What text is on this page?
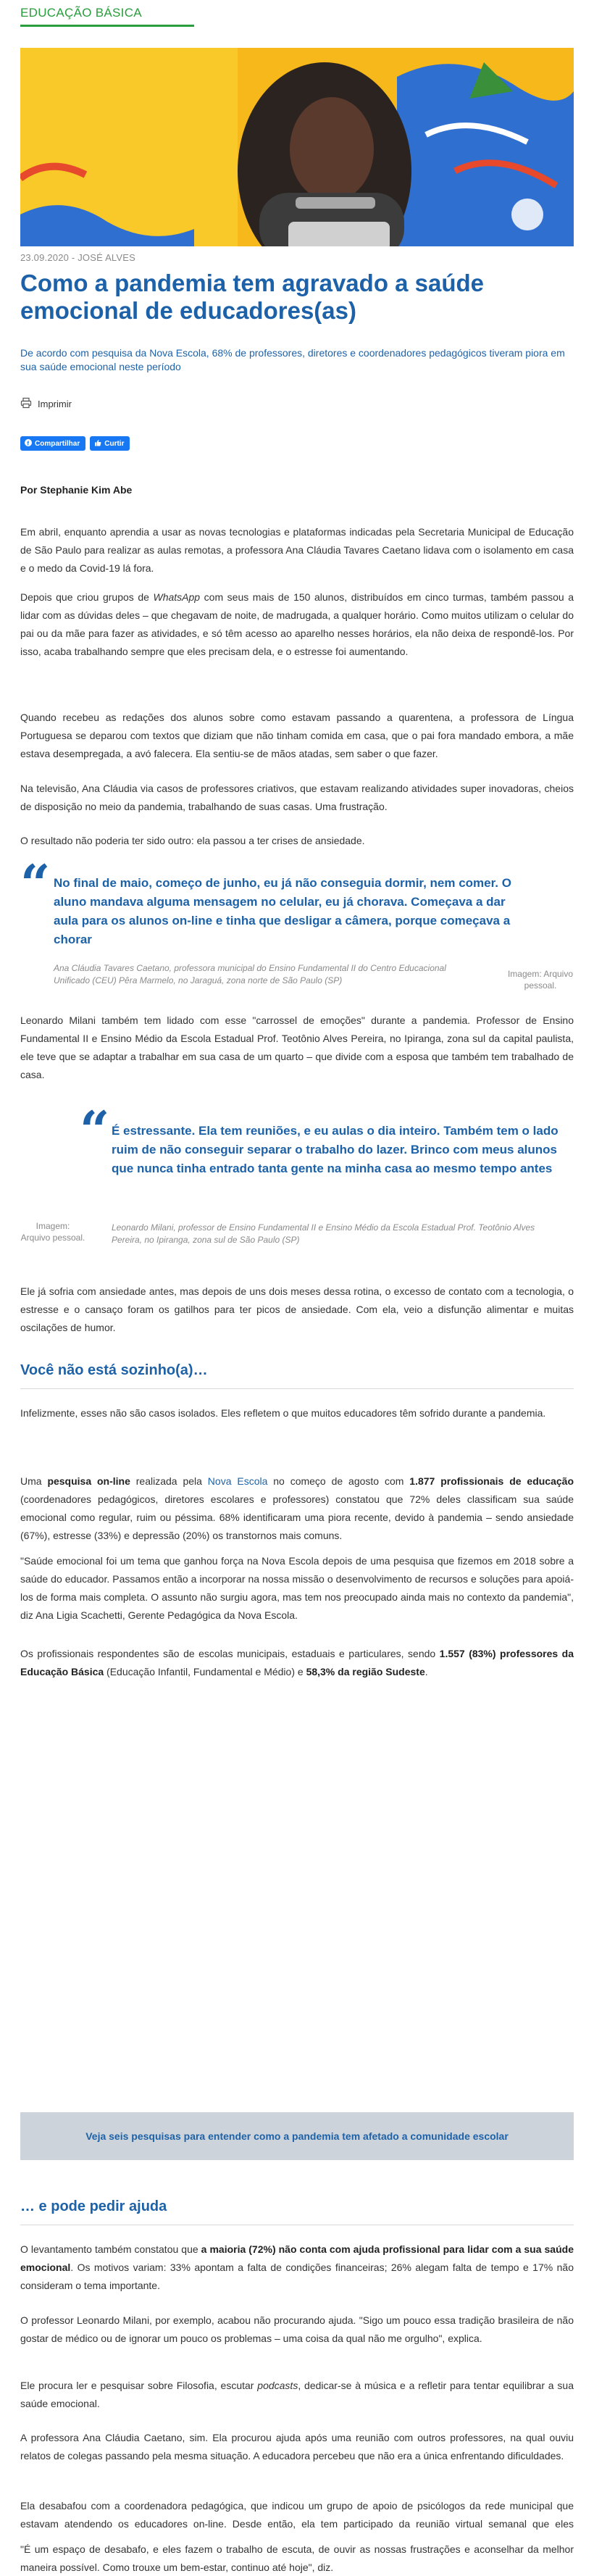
EDUCAÇÃO BÁSICA
23.09.2020 - JOSÉ ALVES
Como a pandemia tem agravado a saúde emocional de educadores(as)

De acordo com pesquisa da Nova Escola, 68% de professores, diretores e coordenadores pedagógicos tiveram piora em sua saúde emocional neste período

Imprimir
f Compartilhar	Curtir
Por Stephanie Kim Abe

Em abril, enquanto aprendia a usar as novas tecnologias e plataformas indicadas pela Secretaria Municipal de Educação de São Paulo para realizar as aulas remotas, a professora Ana Cláudia Tavares Caetano lidava com o isolamento em casa e o medo da Covid-19 lá fora.

Depois que criou grupos de WhatsApp com seus mais de 150 alunos, distribuídos em cinco turmas, também passou a lidar com as dúvidas deles – que chegavam de noite, de madrugada, a qualquer horário. Como muitos utilizam o celular do pai ou da mãe para fazer as atividades, e só têm acesso ao aparelho nesses horários, ela não deixa de respondê-los. Por isso, acaba trabalhando sempre que eles precisam dela, e o estresse foi aumentando.

Quando recebeu as redações dos alunos sobre como estavam passando a quarentena, a professora de Língua Portuguesa se deparou com textos que diziam que não tinham comida em casa, que o pai fora mandado embora, a mãe estava desempregada, a avó falecera. Ela sentiu-se de mãos atadas, sem saber o que fazer.

Na televisão, Ana Cláudia via casos de professores criativos, que estavam realizando atividades super inovadoras, cheios de disposição no meio da pandemia, trabalhando de suas casas. Uma frustração.

O resultado não poderia ter sido outro: ela passou a ter crises de ansiedade.

“ No final de maio, começo de junho, eu já não conseguia dormir, nem comer. O aluno mandava alguma mensagem no celular, eu já chorava. Começava a dar aula para os alunos on-line e tinha que desligar a câmera, porque começava a chorar

Ana Cláudia Tavares Caetano, professora municipal do Ensino Fundamental II do Centro Educacional Unificado (CEU) Pêra Marmelo, no Jaraguá, zona norte de São Paulo (SP)

Imagem: Arquivo pessoal.

Leonardo Milani também tem lidado com esse "carrossel de emoções" durante a pandemia. Professor de Ensino Fundamental II e Ensino Médio da Escola Estadual Prof. Teotônio Alves Pereira, no Ipiranga, zona sul da capital paulista, ele teve que se adaptar a trabalhar em sua casa de um quarto – que divide com a esposa que também tem trabalhado de casa.

“ É estressante. Ela tem reuniões, e eu aulas o dia inteiro. Também tem o lado ruim de não conseguir separar o trabalho do lazer. Brinco com meus alunos que nunca tinha entrado tanta gente na minha casa ao mesmo tempo antes

Imagem: Arquivo pessoal.

Leonardo Milani, professor de Ensino Fundamental II e Ensino Médio da Escola Estadual Prof. Teotônio Alves Pereira, no Ipiranga, zona sul de São Paulo (SP)

Ele já sofria com ansiedade antes, mas depois de uns dois meses dessa rotina, o excesso de contato com a tecnologia, o estresse e o cansaço foram os gatilhos para ter picos de ansiedade. Com ela, veio a disfunção alimentar e muitas oscilações de humor.

Você não está sozinho(a)…

Infelizmente, esses não são casos isolados. Eles refletem o que muitos educadores têm sofrido durante a pandemia.

Uma pesquisa on-line realizada pela Nova Escola no começo de agosto com 1.877 profissionais de educação (coordenadores pedagógicos, diretores escolares e professores) constatou que 72% deles classificam sua saúde emocional como regular, ruim ou péssima. 68% identificaram uma piora recente, devido à pandemia – sendo ansiedade (67%), estresse (33%) e depressão (20%) os transtornos mais comuns.

"Saúde emocional foi um tema que ganhou força na Nova Escola depois de uma pesquisa que fizemos em 2018 sobre a saúde do educador. Passamos então a incorporar na nossa missão o desenvolvimento de recursos e soluções para apoiá-los de forma mais completa. O assunto não surgiu agora, mas tem nos preocupado ainda mais no contexto da pandemia", diz Ana Ligia Scachetti, Gerente Pedagógica da Nova Escola.

Os profissionais respondentes são de escolas municipais, estaduais e particulares, sendo 1.557 (83%) professores da Educação Básica (Educação Infantil, Fundamental e Médio) e 58,3% da região Sudeste.

Veja seis pesquisas para entender como a pandemia tem afetado a comunidade escolar
… e pode pedir ajuda

O levantamento também constatou que a maioria (72%) não conta com ajuda profissional para lidar com a sua saúde emocional. Os motivos variam: 33% apontam a falta de condições financeiras; 26% alegam falta de tempo e 17% não consideram o tema importante.

O professor Leonardo Milani, por exemplo, acabou não procurando ajuda. "Sigo um pouco essa tradição brasileira de não gostar de médico ou de ignorar um pouco os problemas – uma coisa da qual não me orgulho", explica.

Ele procura ler e pesquisar sobre Filosofia, escutar podcasts, dedicar-se à música e a refletir para tentar equilibrar a sua saúde emocional.

A professora Ana Cláudia Caetano, sim. Ela procurou ajuda após uma reunião com outros professores, na qual ouviu relatos de colegas passando pela mesma situação. A educadora percebeu que não era a única enfrentando dificuldades.

Ela desabafou com a coordenadora pedagógica, que indicou um grupo de apoio de psicólogos da rede municipal que estavam atendendo os educadores on-line. Desde então, ela tem participado da reunião virtual semanal que eles

"É um espaço de desabafo, e eles fazem o trabalho de escuta, de ouvir as nossas frustrações e aconselhar da melhor maneira possível. Como trouxe um bem-estar, continuo até hoje", diz.
